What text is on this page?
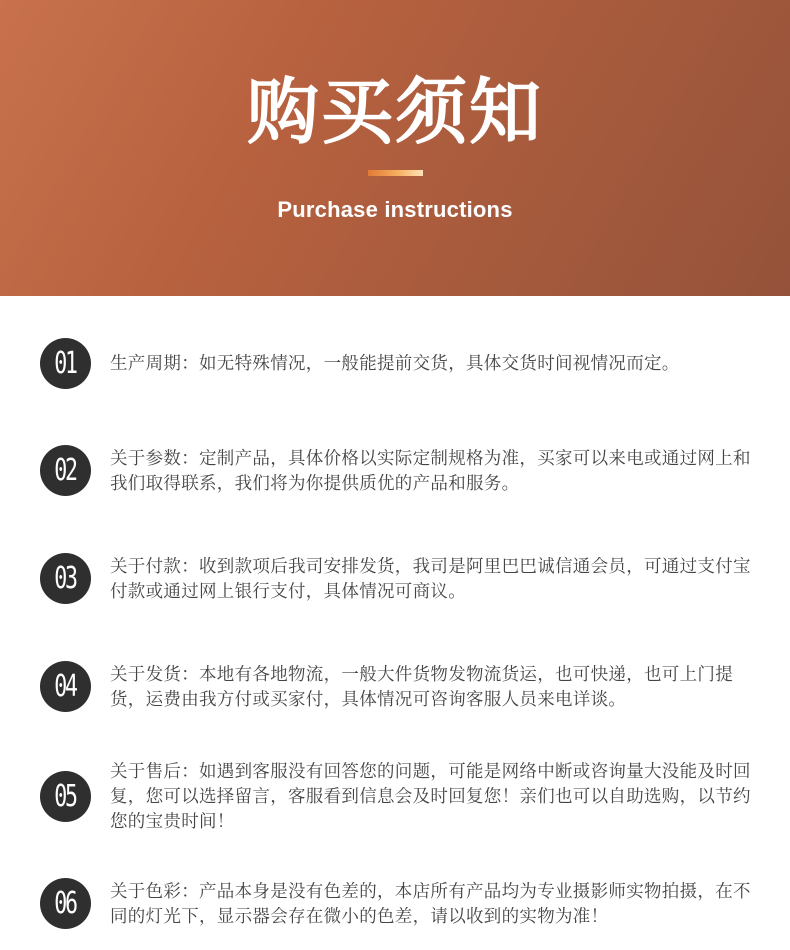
购买须知
Purchase instructions
01 生产周期：如无特殊情况，一般能提前交货，具体交货时间视情况而定。
02 关于参数：定制产品，具体价格以实际定制规格为准，买家可以来电或通过网上和我们取得联系，我们将为你提供质优的产品和服务。
03 关于付款：收到款项后我司安排发货，我司是阿里巴巴诚信通会员，可通过支付宝付款或通过网上银行支付，具体情况可商议。
04 关于发货：本地有各地物流，一般大件货物发物流货运，也可快递，也可上门提货，运费由我方付或买家付，具体情况可咨询客服人员来电详谈。
05
关于售后：如遇到客服没有回答您的问题，可能是网络中断或咨询量大没能及时回复，您可以选择留言，客服看到信息会及时回复您！亲们也可以自助选购，以节约您的宝贵时间！
06 关于色彩：产品本身是没有色差的，本店所有产品均为专业摄影师实物拍摄，在不同的灯光下，显示器会存在微小的色差，请以收到的实物为准！
